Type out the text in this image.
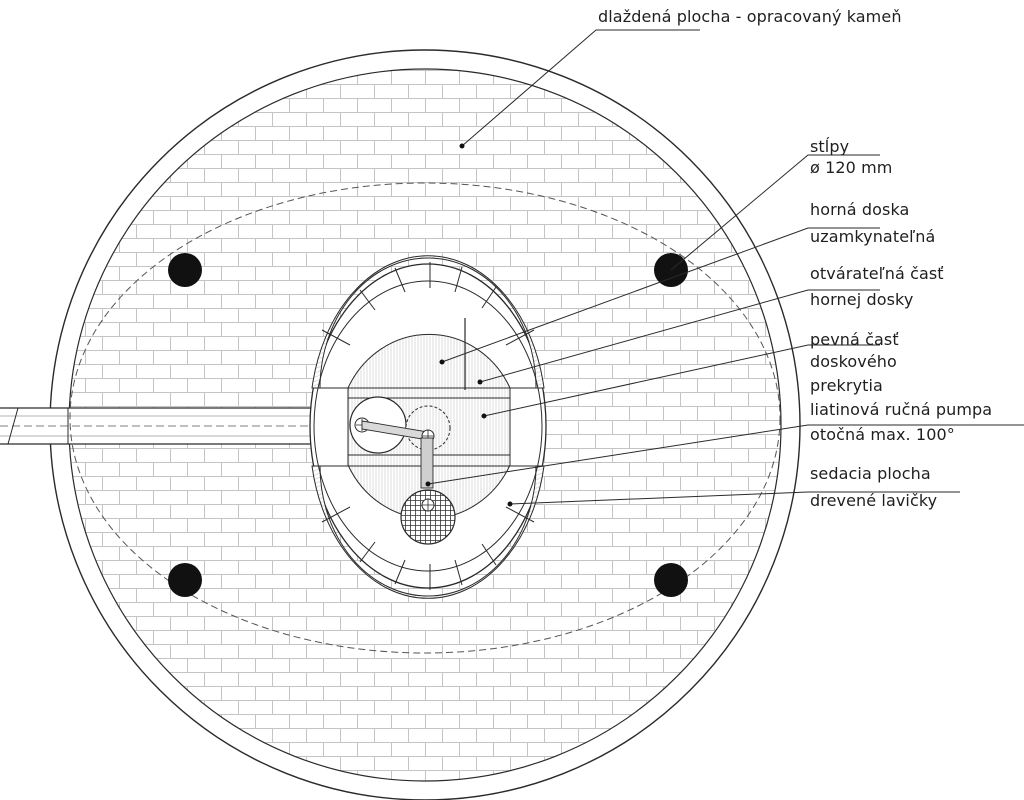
dlaždená plocha - opracovaný kameň

stĺpy

ø 120 mm

horná doska

uzamkynateľná

otvárateľná časť

hornej dosky

pevná časť

doskového

prekrytia

liatinová ručná pumpa

otočná max. 100°

sedacia plocha

drevené lavičky
